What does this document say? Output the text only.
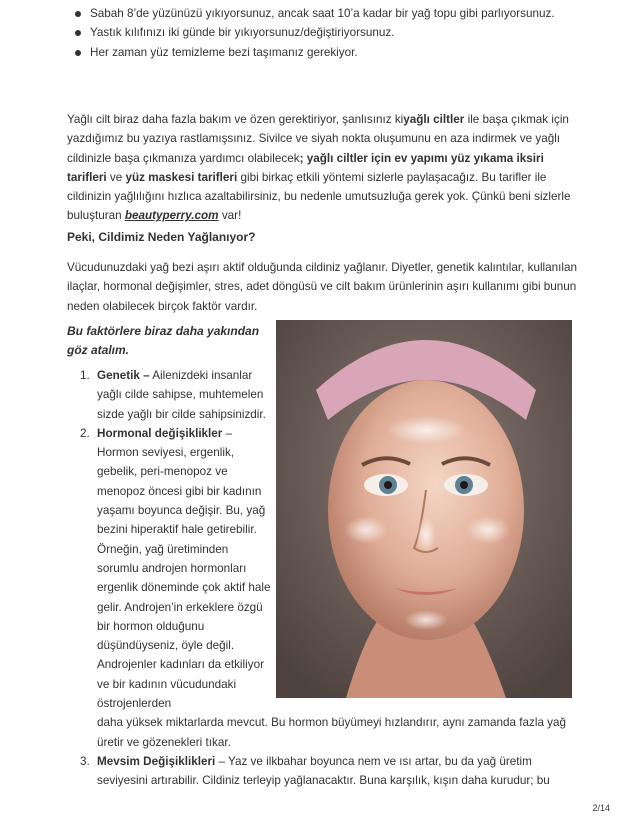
Sabah 8’de yüzünüzü yıkıyorsunuz, ancak saat 10’a kadar bir yağ topu gibi parlıyorsunuz.
Yastık kılıfınızı iki günde bir yıkıyorsunuz/değiştiriyorsunuz.
Her zaman yüz temizleme bezi taşımanız gerekiyor.

Yağlı cilt biraz daha fazla bakım ve özen gerektiriyor, şanlısınız kiyağlı ciltler ile başa çıkmak için yazdığımız bu yazıya rastlamışsınız. Sivilce ve siyah nokta oluşumunu en aza indirmek ve yağlı cildinizle başa çıkmanıza yardımcı olabilecek; yağlı ciltler için ev yapımı yüz yıkama iksiri tarifleri ve yüz maskesi tarifleri gibi birkaç etkili yöntemi sizlerle paylaşacağız. Bu tarifler ile cildinizin yağlılığını hızlıca azaltabilirsiniz, bu nedenle umutsuzluğa gerek yok. Çünkü beni sizlerle buluşturan beautyperry.com var!

Peki, Cildimiz Neden Yağlanıyor?

Vücudunuzdaki yağ bezi aşırı aktif olduğunda cildiniz yağlanır. Diyetler, genetik kalıntılar, kullanılan ilaçlar, hormonal değişimler, stres, adet döngüsü ve cilt bakım ürünlerinin aşırı kullanımı gibi bunun neden olabilecek birçok faktör vardır.

Bu faktörlere biraz daha yakından göz atalım.
1. Genetik – Ailenizdeki insanlar yağlı cilde sahipse, muhtemelen sizde yağlı bir cilde sahipsinizdir.
2. Hormonal değişiklikler – Hormon seviyesi, ergenlik, gebelik, peri-menopoz ve menopoz öncesi gibi bir kadının yaşamı boyunca değişir. Bu, yağ bezini hiperaktif hale getirebilir. Örneğin, yağ üretiminden sorumlu androjen hormonları ergenlik döneminde çok aktif hale gelir. Androjen’in erkeklere özgü bir hormon olduğunu düşündüyseniz, öyle değil. Androjenler kadınları da etkiliyor ve bir kadının vücudundaki östrojenlerden
daha yüksek miktarlarda mevcut. Bu hormon büyümeyi hızlandırır, aynı zamanda fazla yağ üretir ve gözenekleri tıkar.
3. Mevsim Değişiklikleri – Yaz ve ilkbahar boyunca nem ve ısı artar, bu da yağ üretim seviyesini artırabilir. Cildiniz terleyip yağlanacaktır. Buna karşılık, kışın daha kurudur; bu
2/14
